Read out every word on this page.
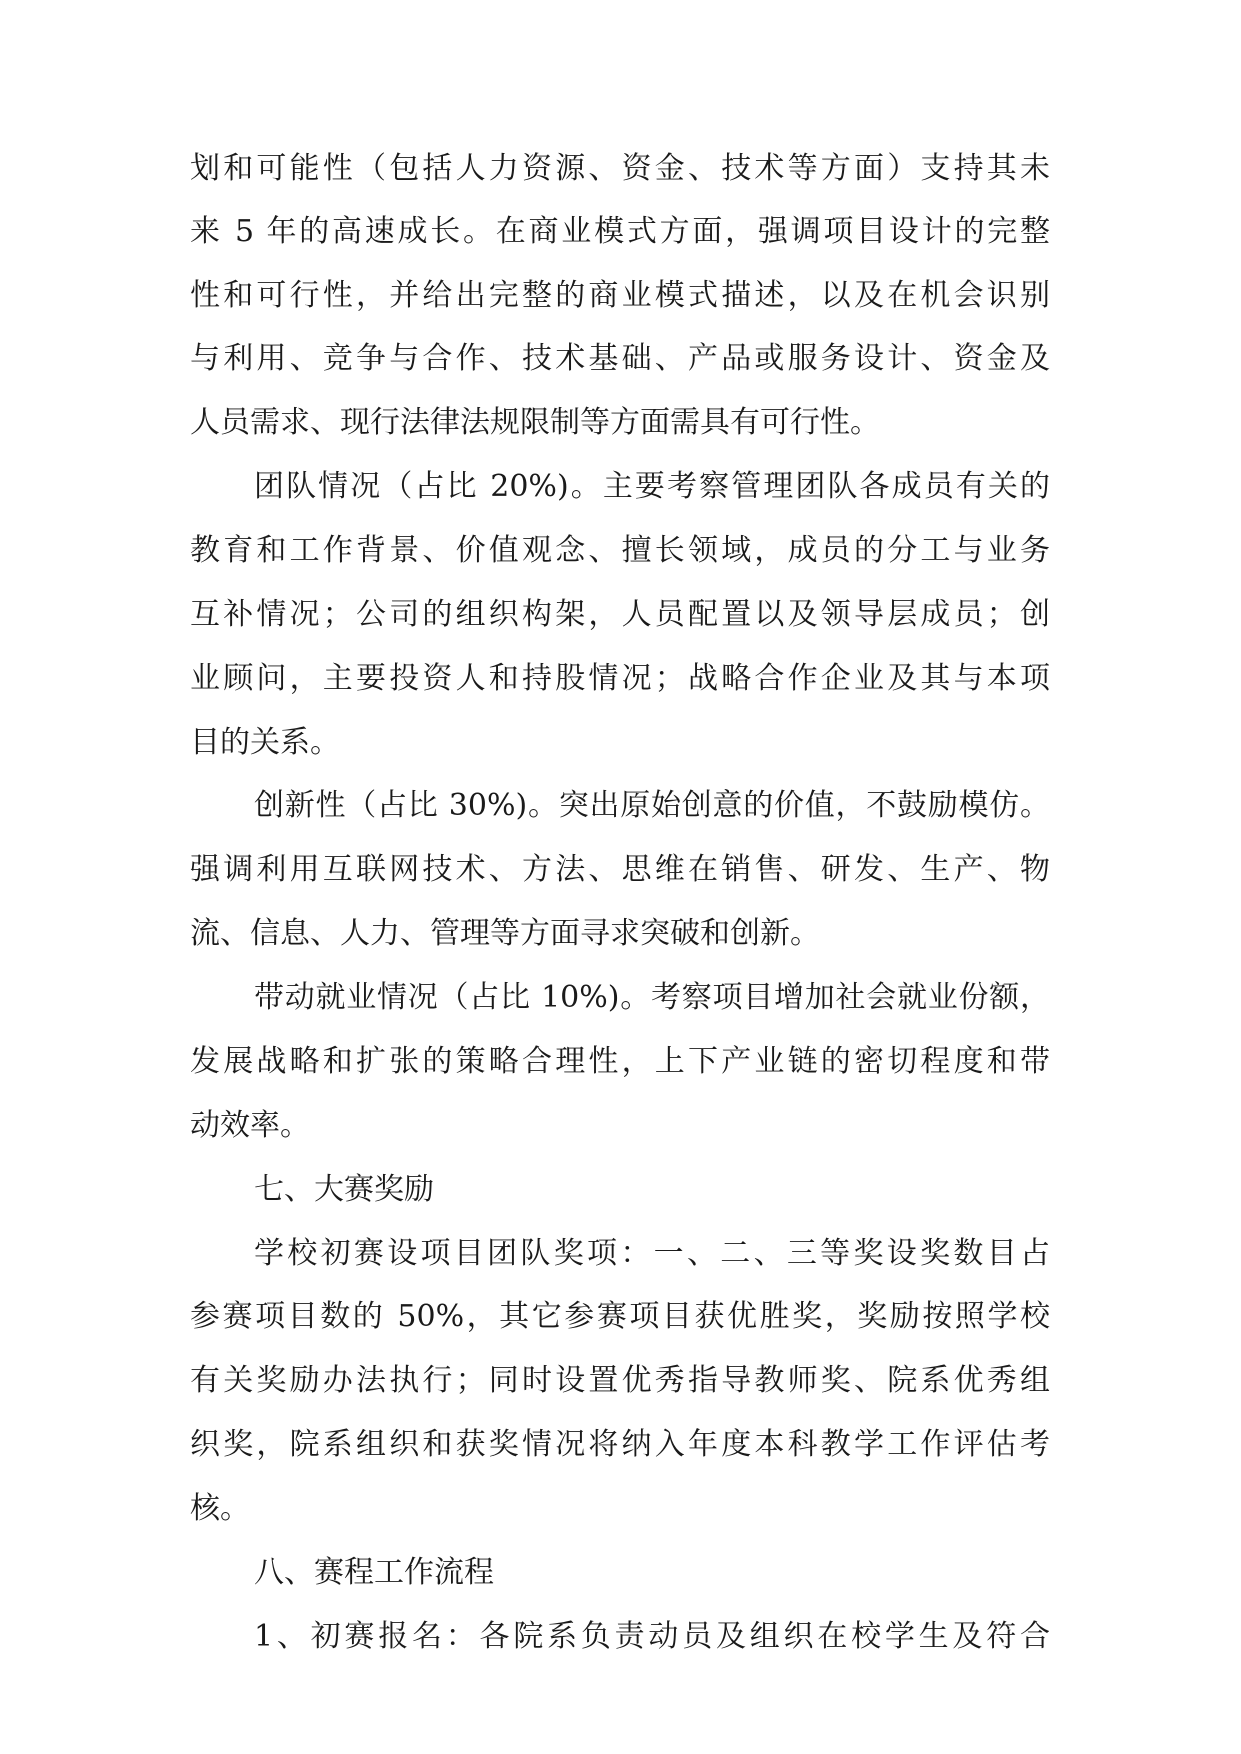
划和可能性（包括人力资源、资金、技术等方面）支持其未
来 5 年的高速成长。在商业模式方面，强调项目设计的完整
性和可行性，并给出完整的商业模式描述，以及在机会识别
与利用、竞争与合作、技术基础、产品或服务设计、资金及
人员需求、现行法律法规限制等方面需具有可行性。
团队情况（占比 20%)。主要考察管理团队各成员有关的
教育和工作背景、价值观念、擅长领域，成员的分工与业务
互补情况；公司的组织构架，人员配置以及领导层成员；创
业顾问，主要投资人和持股情况；战略合作企业及其与本项
目的关系。
创新性（占比 30%)。突出原始创意的价值，不鼓励模仿。
强调利用互联网技术、方法、思维在销售、研发、生产、物
流、信息、人力、管理等方面寻求突破和创新。
带动就业情况（占比 10%)。考察项目增加社会就业份额，
发展战略和扩张的策略合理性，上下产业链的密切程度和带
动效率。
七、大赛奖励
学校初赛设项目团队奖项：一、二、三等奖设奖数目占
参赛项目数的 50%，其它参赛项目获优胜奖，奖励按照学校
有关奖励办法执行；同时设置优秀指导教师奖、院系优秀组
织奖，院系组织和获奖情况将纳入年度本科教学工作评估考
核。
八、赛程工作流程
1、初赛报名：各院系负责动员及组织在校学生及符合
